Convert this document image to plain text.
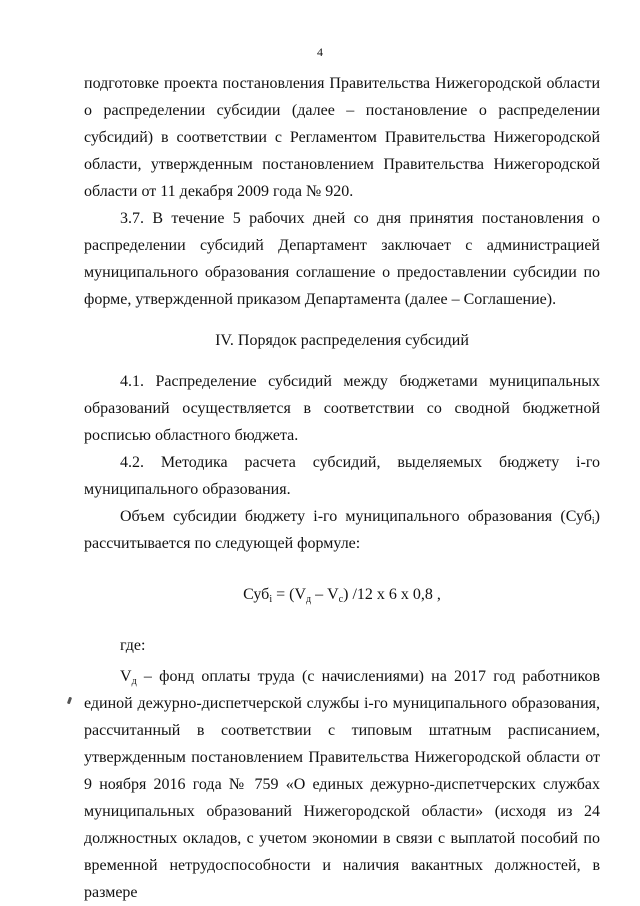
4

подготовке проекта постановления Правительства Нижегородской области о распределении субсидии (далее – постановление о распределении субсидий) в соответствии с Регламентом Правительства Нижегородской области, утвержденным постановлением Правительства Нижегородской области от 11 декабря 2009 года № 920.

3.7. В течение 5 рабочих дней со дня принятия постановления о распределении субсидий Департамент заключает с администрацией муниципального образования соглашение о предоставлении субсидии по форме, утвержденной приказом Департамента (далее – Соглашение).

IV. Порядок распределения субсидий

4.1. Распределение субсидий между бюджетами муниципальных образований осуществляется в соответствии со сводной бюджетной росписью областного бюджета.

4.2. Методика расчета субсидий, выделяемых бюджету i-го муниципального образования.

Объем субсидии бюджету i-го муниципального образования (Суб$_i$) рассчитывается по следующей формуле:

$Суб_i = (V_д - V_с)$ /12 х 6 х 0,8 ,

где:

$V_д$ – фонд оплаты труда (с начислениями) на 2017 год работников единой дежурно-диспетчерской службы i-го муниципального образования, рассчитанный в соответствии с типовым штатным расписанием, утвержденным постановлением Правительства Нижегородской области от 9 ноября 2016 года № 759 «О единых дежурно-диспетчерских службах муниципальных образований Нижегородской области» (исходя из 24 должностных окладов, с учетом экономии в связи с выплатой пособий по временной нетрудоспособности и наличия вакантных должностей, в размере
